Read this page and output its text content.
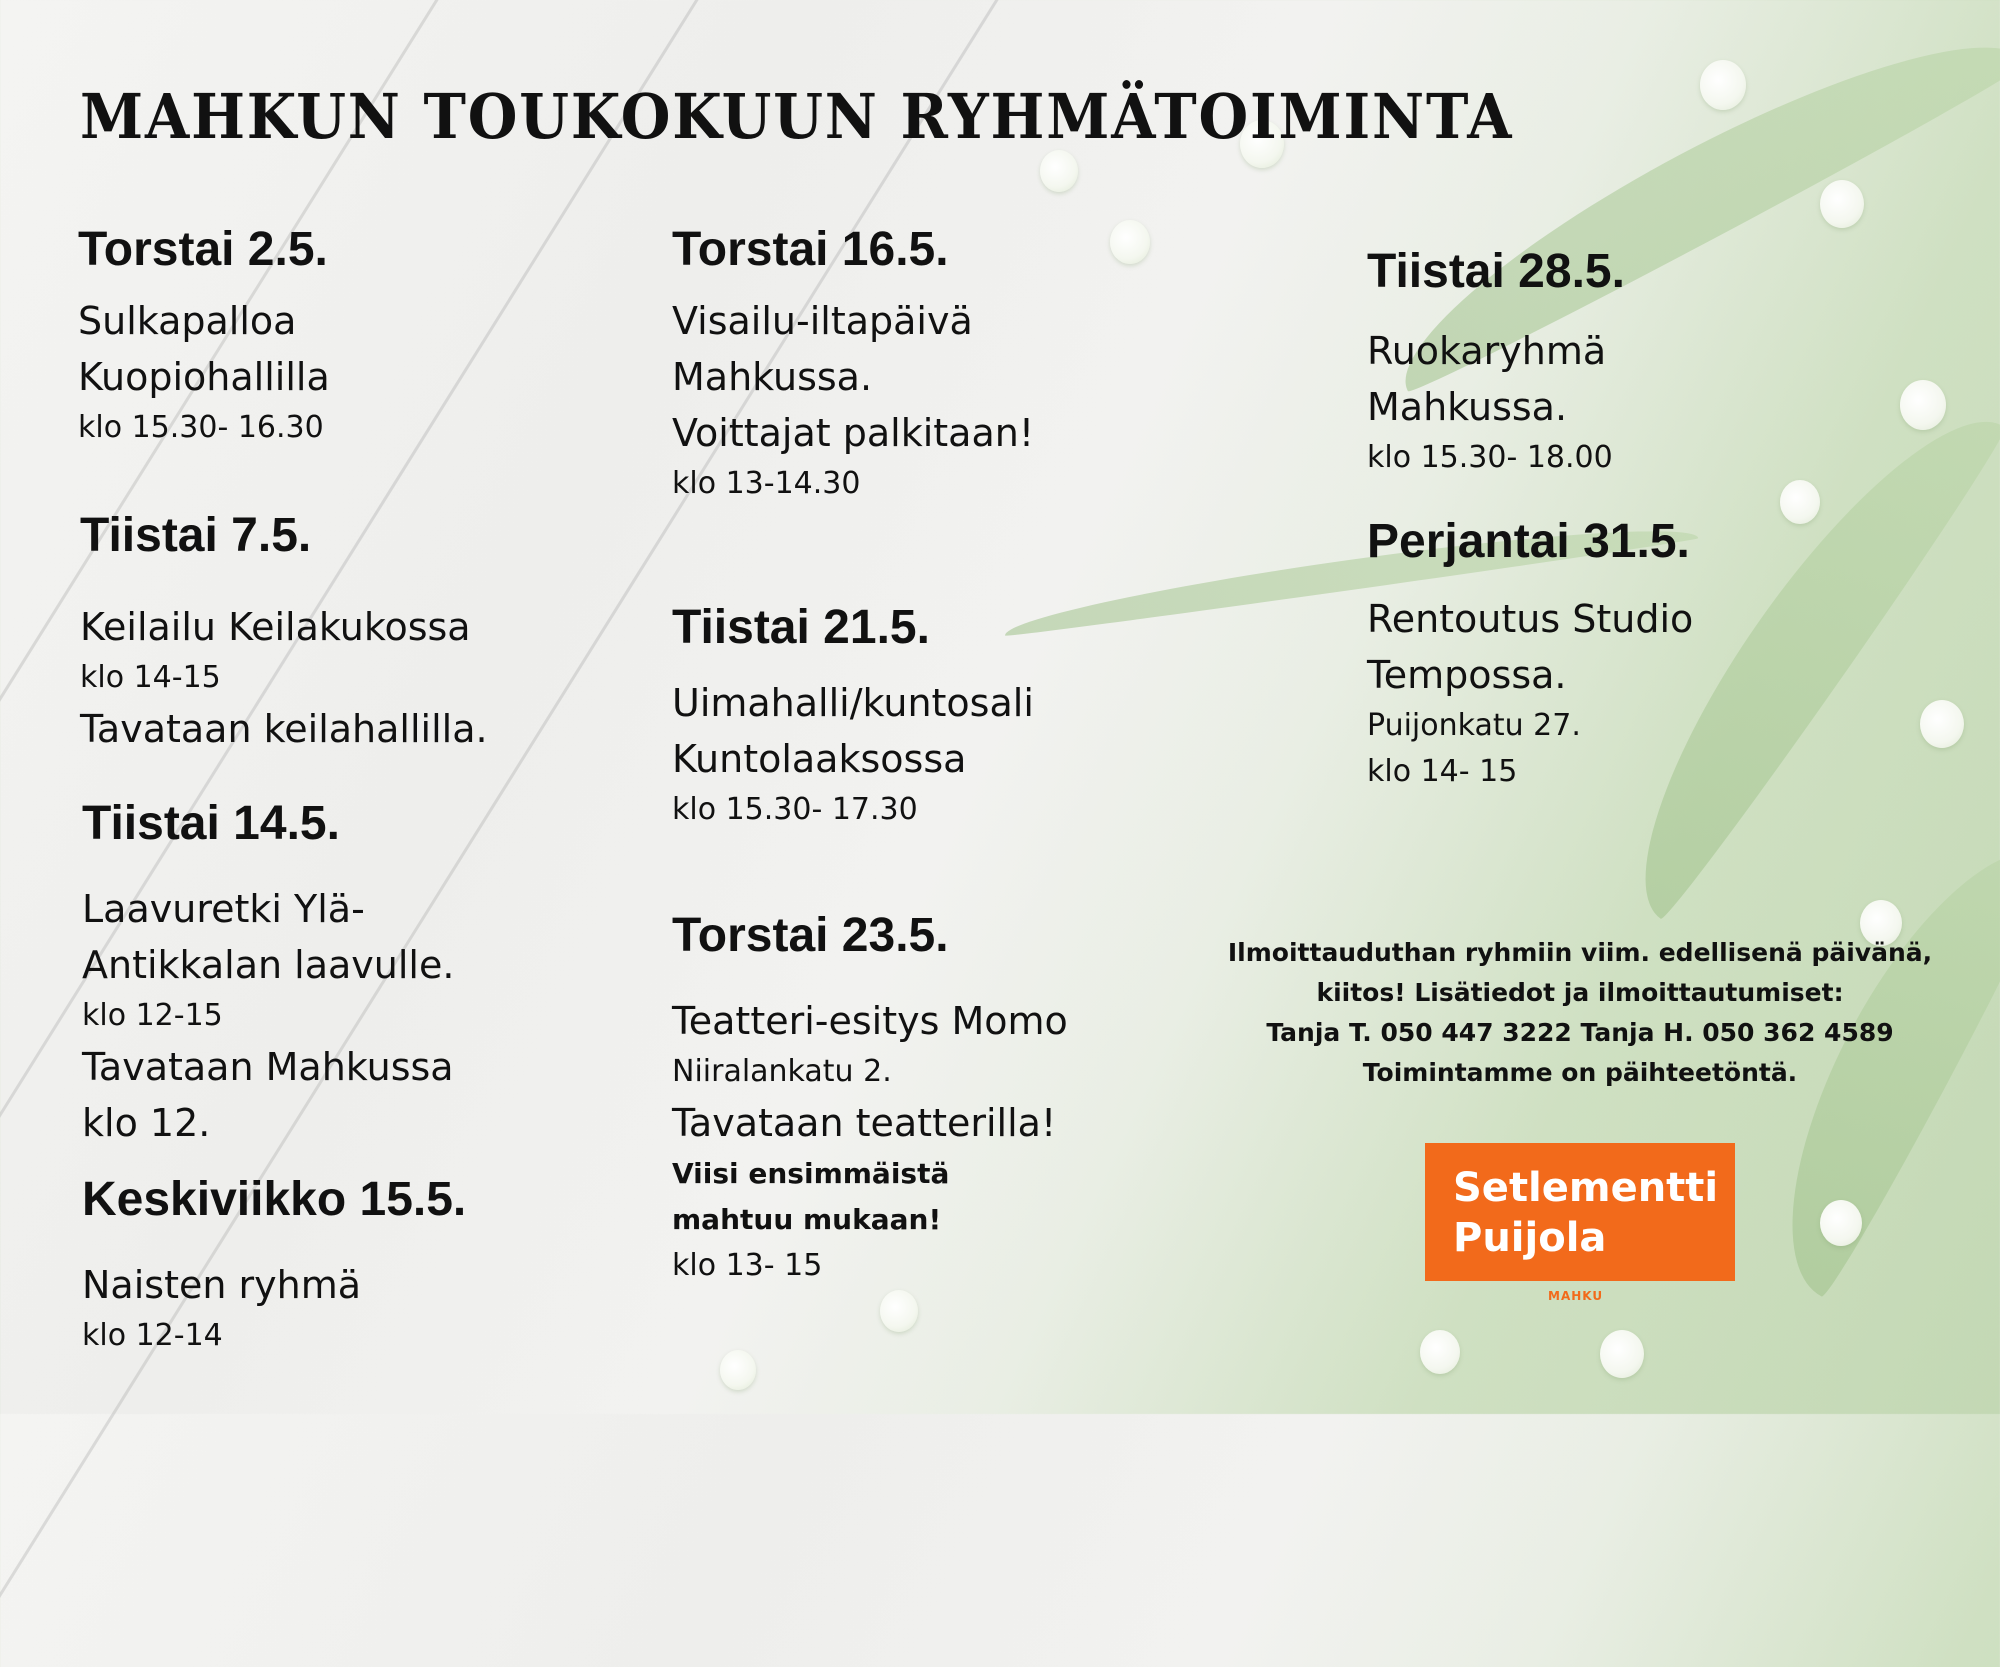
MAHKUN TOUKOKUUN RYHMÄTOIMINTA

Torstai 2.5.

Sulkapalloa

Kuopiohallilla

klo 15.30- 16.30

Tiistai 7.5.

Keilailu Keilakukossa

klo 14-15

Tavataan keilahallilla.

Tiistai 14.5.

Laavuretki Ylä-

Antikkalan laavulle.

klo 12-15

Tavataan Mahkussa

klo 12.

Keskiviikko 15.5.

Naisten ryhmä

klo 12-14

Torstai 16.5.

Visailu-iltapäivä

Mahkussa.

Voittajat palkitaan!

klo 13-14.30

Tiistai 21.5.

Uimahalli/kuntosali

Kuntolaaksossa

klo 15.30- 17.30

Torstai 23.5.

Teatteri-esitys Momo

Niiralankatu 2.

Tavataan teatterilla!

Viisi ensimmäistä

mahtuu mukaan!

klo 13- 15

Tiistai 28.5.

Ruokaryhmä

Mahkussa.

klo 15.30- 18.00

Perjantai 31.5.

Rentoutus Studio

Tempossa.

Puijonkatu 27.

klo 14- 15

Ilmoittauduthan ryhmiin viim. edellisenä päivänä,
kiitos! Lisätiedot ja ilmoittautumiset:
Tanja T. 050 447 3222 Tanja H. 050 362 4589
Toimintamme on päihteetöntä.
Setlementti
Puijola
MAHKU
